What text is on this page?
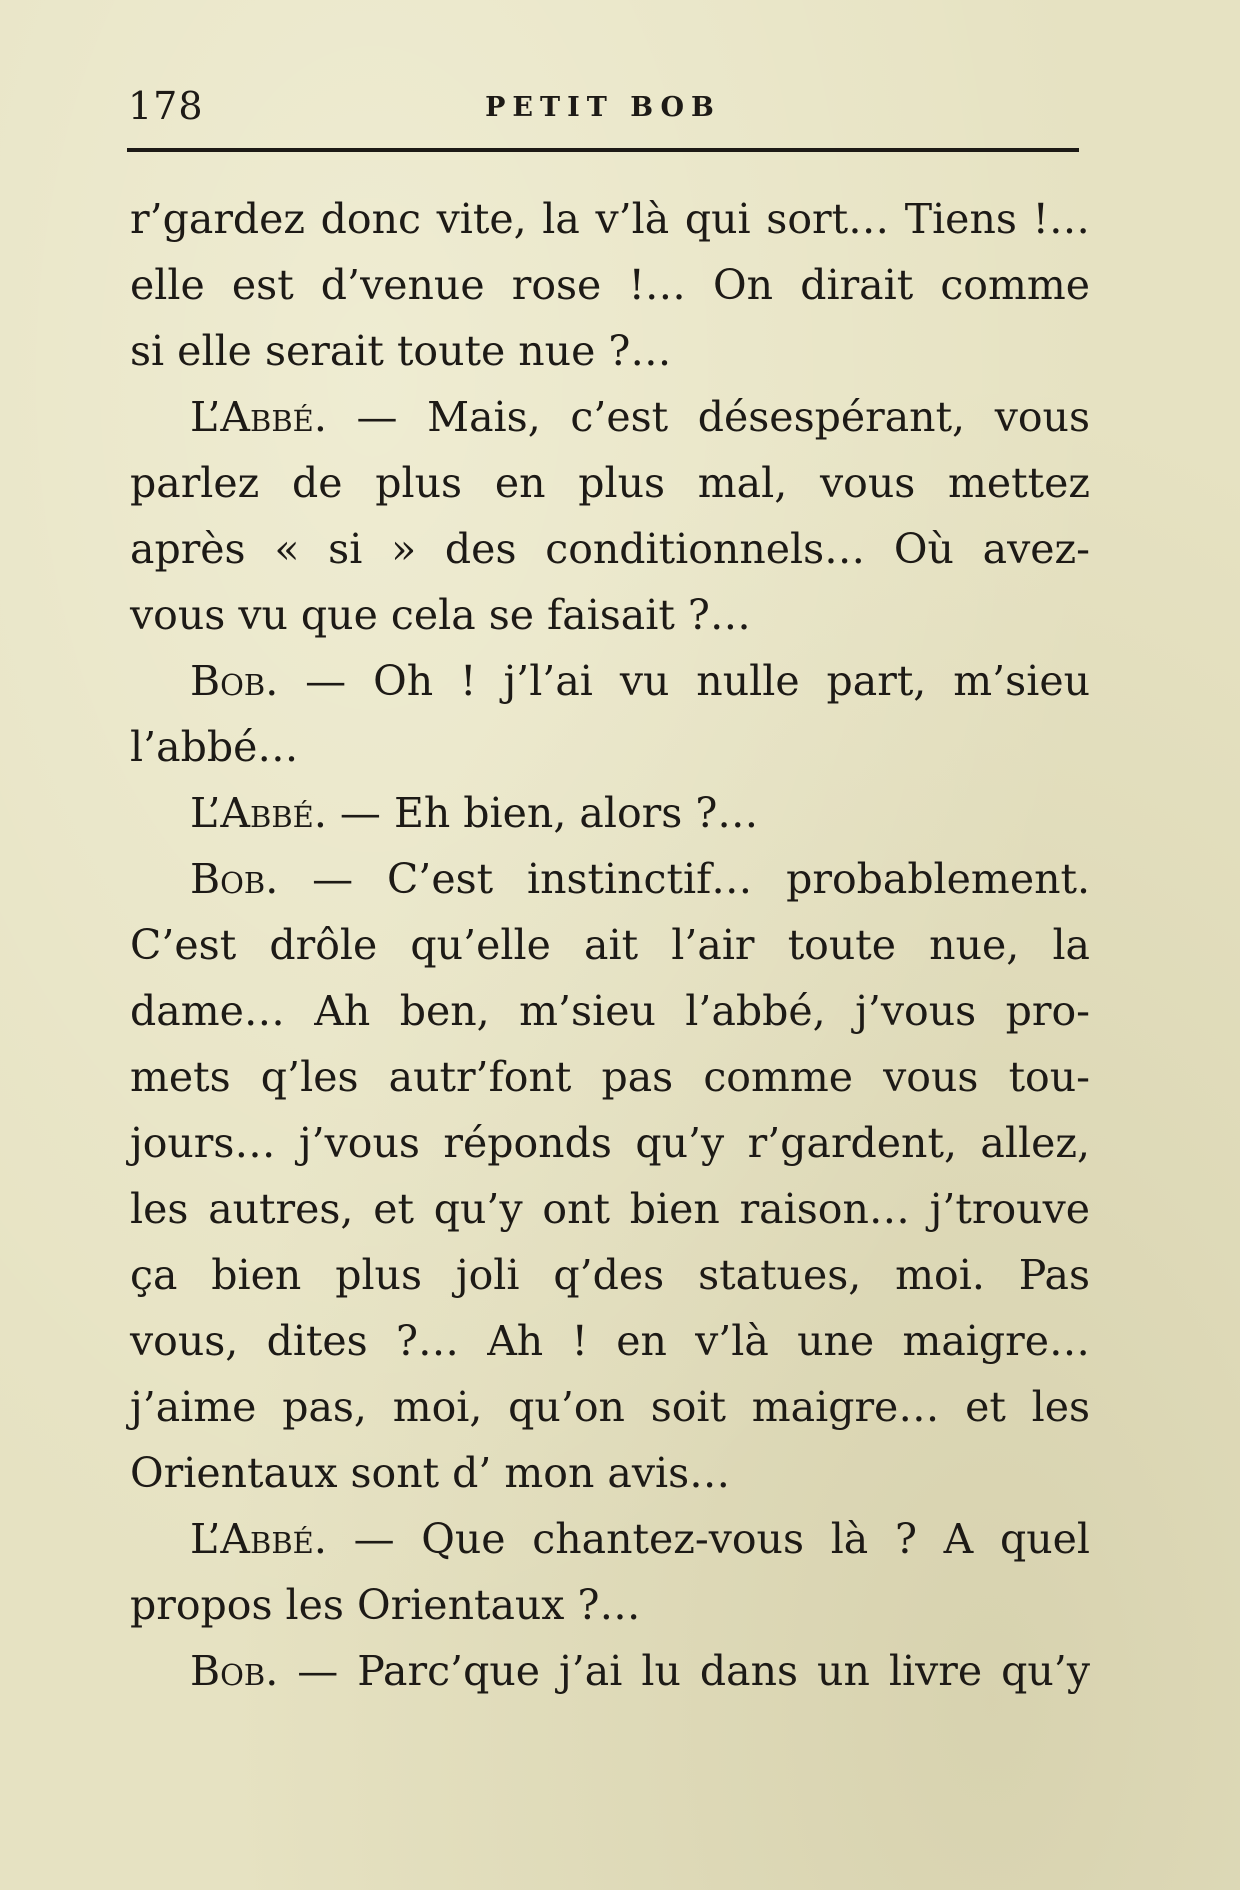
178	PETIT BOB
r’gardez donc vite, la v’là qui sort… Tiens !…
elle est d’venue rose !… On dirait comme
si elle serait toute nue ?…
L’Abbé. — Mais, c’est désespérant, vous
parlez de plus en plus mal, vous mettez
après « si » des conditionnels… Où avez-
vous vu que cela se faisait ?…
Bob. — Oh ! j’l’ai vu nulle part, m’sieu
l’abbé…
L’Abbé. — Eh bien, alors ?…
Bob. — C’est instinctif… probablement.
C’est drôle qu’elle ait l’air toute nue, la
dame… Ah ben, m’sieu l’abbé, j’vous pro-
mets q’les autr’font pas comme vous tou-
jours… j’vous réponds qu’y r’gardent, allez,
les autres, et qu’y ont bien raison… j’trouve
ça bien plus joli q’des statues, moi. Pas
vous, dites ?… Ah ! en v’là une maigre…
j’aime pas, moi, qu’on soit maigre… et les
Orientaux sont d’ mon avis…
L’Abbé. — Que chantez-vous là ? A quel
propos les Orientaux ?…
Bob. — Parc’que j’ai lu dans un livre qu’y
